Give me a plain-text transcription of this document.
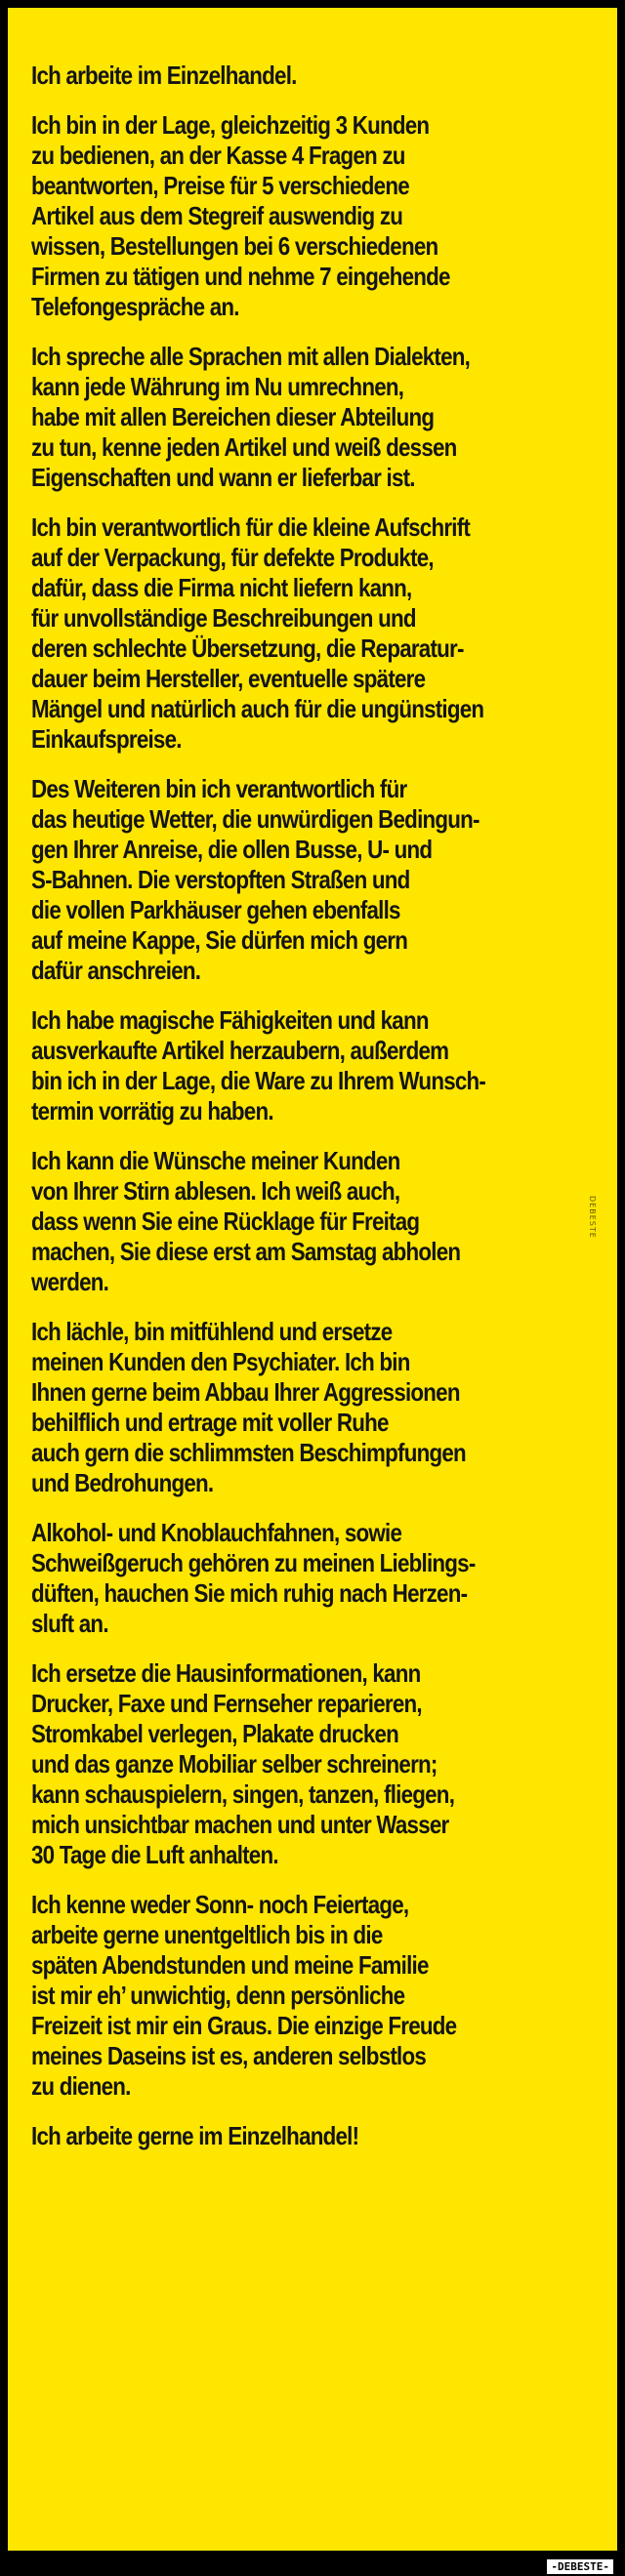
Ich arbeite im Einzelhandel.

Ich bin in der Lage, gleichzeitig 3 Kunden
zu bedienen, an der Kasse 4 Fragen zu
beantworten, Preise für 5 verschiedene
Artikel aus dem Stegreif auswendig zu
wissen, Bestellungen bei 6 verschiedenen
Firmen zu tätigen und nehme 7 eingehende
Telefongespräche an.

Ich spreche alle Sprachen mit allen Dialekten,
kann jede Währung im Nu umrechnen,
habe mit allen Bereichen dieser Abteilung
zu tun, kenne jeden Artikel und weiß dessen
Eigenschaften und wann er lieferbar ist.

Ich bin verantwortlich für die kleine Aufschrift
auf der Verpackung, für defekte Produkte,
dafür, dass die Firma nicht liefern kann,
für unvollständige Beschreibungen und
deren schlechte Übersetzung, die Reparatur-
dauer beim Hersteller, eventuelle spätere
Mängel und natürlich auch für die ungünstigen
Einkaufspreise.

Des Weiteren bin ich verantwortlich für
das heutige Wetter, die unwürdigen Bedingun-
gen Ihrer Anreise, die ollen Busse, U- und
S-Bahnen. Die verstopften Straßen und
die vollen Parkhäuser gehen ebenfalls
auf meine Kappe, Sie dürfen mich gern
dafür anschreien.

Ich habe magische Fähigkeiten und kann
ausverkaufte Artikel herzaubern, außerdem
bin ich in der Lage, die Ware zu Ihrem Wunsch-
termin vorrätig zu haben.

Ich kann die Wünsche meiner Kunden
von Ihrer Stirn ablesen. Ich weiß auch,
dass wenn Sie eine Rücklage für Freitag
machen, Sie diese erst am Samstag abholen
werden.

Ich lächle, bin mitfühlend und ersetze
meinen Kunden den Psychiater. Ich bin
Ihnen gerne beim Abbau Ihrer Aggressionen
behilflich und ertrage mit voller Ruhe
auch gern die schlimmsten Beschimpfungen
und Bedrohungen.

Alkohol- und Knoblauchfahnen, sowie
Schweißgeruch gehören zu meinen Lieblings-
düften, hauchen Sie mich ruhig nach Herzen-
sluft an.

Ich ersetze die Hausinformationen, kann
Drucker, Faxe und Fernseher reparieren,
Stromkabel verlegen, Plakate drucken
und das ganze Mobiliar selber schreinern;
kann schauspielern, singen, tanzen, fliegen,
mich unsichtbar machen und unter Wasser
30 Tage die Luft anhalten.

Ich kenne weder Sonn- noch Feiertage,
arbeite gerne unentgeltlich bis in die
späten Abendstunden und meine Familie
ist mir eh’ unwichtig, denn persönliche
Freizeit ist mir ein Graus. Die einzige Freude
meines Daseins ist es, anderen selbstlos
zu dienen.

Ich arbeite gerne im Einzelhandel!

DEBESTE
-DEBESTE-
